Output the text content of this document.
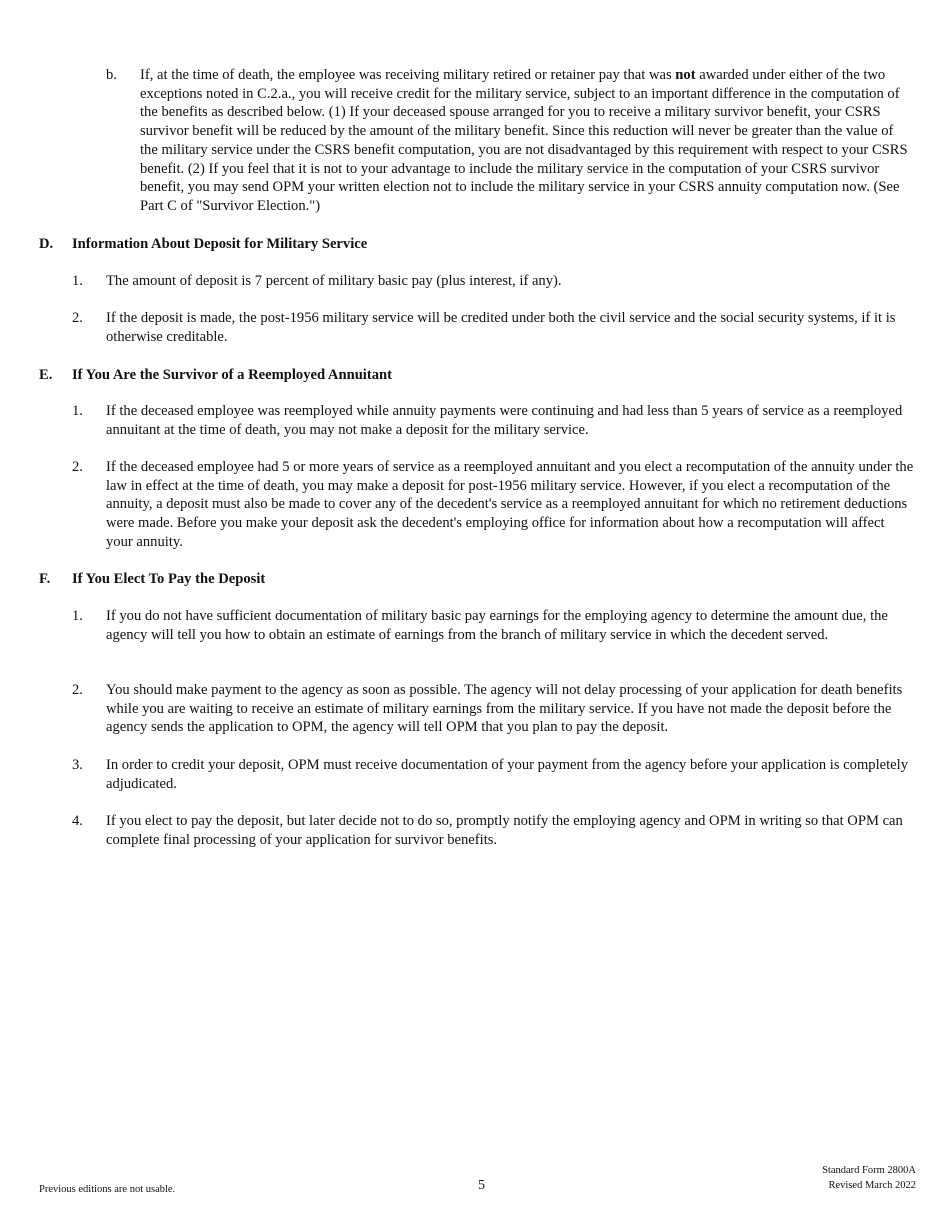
b. If, at the time of death, the employee was receiving military retired or retainer pay that was not awarded under either of the two exceptions noted in C.2.a., you will receive credit for the military service, subject to an important difference in the computation of the benefits as described below. (1) If your deceased spouse arranged for you to receive a military survivor benefit, your CSRS survivor benefit will be reduced by the amount of the military benefit. Since this reduction will never be greater than the value of the military service under the CSRS benefit computation, you are not disadvantaged by this requirement with respect to your CSRS benefit. (2) If you feel that it is not to your advantage to include the military service in the computation of your CSRS survivor benefit, you may send OPM your written election not to include the military service in your CSRS annuity computation now. (See Part C of "Survivor Election.")

D. Information About Deposit for Military Service
1. The amount of deposit is 7 percent of military basic pay (plus interest, if any).

2. If the deposit is made, the post-1956 military service will be credited under both the civil service and the social security systems, if it is otherwise creditable.

E. If You Are the Survivor of a Reemployed Annuitant
1. If the deceased employee was reemployed while annuity payments were continuing and had less than 5 years of service as a reemployed annuitant at the time of death, you may not make a deposit for the military service.

2. If the deceased employee had 5 or more years of service as a reemployed annuitant and you elect a recomputation of the annuity under the law in effect at the time of death, you may make a deposit for post-1956 military service. However, if you elect a recomputation of the annuity, a deposit must also be made to cover any of the decedent's service as a reemployed annuitant for which no retirement deductions were made. Before you make your deposit ask the decedent's employing office for information about how a recomputation will affect your annuity.

F. If You Elect To Pay the Deposit
1. If you do not have sufficient documentation of military basic pay earnings for the employing agency to determine the amount due, the agency will tell you how to obtain an estimate of earnings from the branch of military service in which the decedent served.

2. You should make payment to the agency as soon as possible. The agency will not delay processing of your application for death benefits while you are waiting to receive an estimate of military earnings from the military service. If you have not made the deposit before the agency sends the application to OPM, the agency will tell OPM that you plan to pay the deposit.

3. In order to credit your deposit, OPM must receive documentation of your payment from the agency before your application is completely adjudicated.

4. If you elect to pay the deposit, but later decide not to do so, promptly notify the employing agency and OPM in writing so that OPM can complete final processing of your application for survivor benefits.

Previous editions are not usable.	5
Standard Form 2800A
Revised March 2022
